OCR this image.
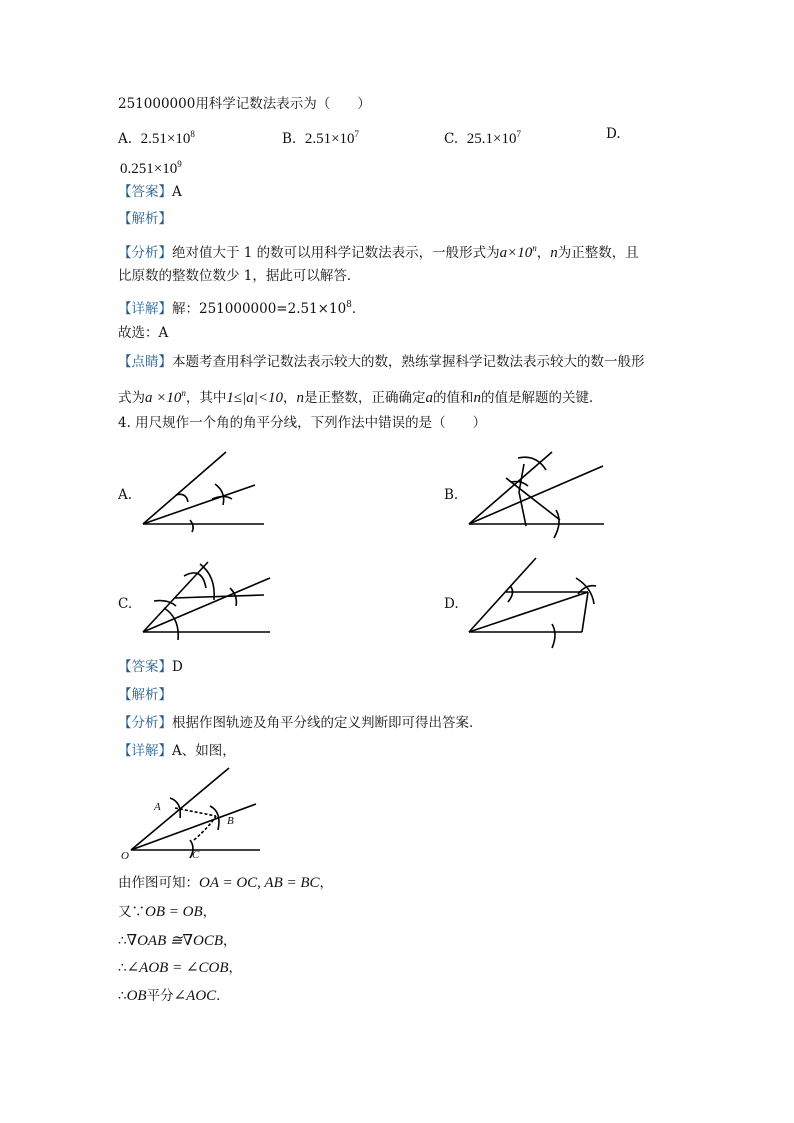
251000000用科学记数法表示为（　　）
A. $2.51\times 10^8$	B. $2.51\times 10^7$	C. $25.1\times 10^7$	D.
$0.251\times 10^9$
【答案】A
【解析】
【分析】绝对值大于 1 的数可以用科学记数法表示，一般形式为$a\times 10^n$，n为正整数，且
比原数的整数位数少 1，据此可以解答．
【详解】解：$251000000=2.51\times 10^8$．
故选：A
【点睛】本题考查用科学记数法表示较大的数，熟练掌握科学记数法表示较大的数一般形
式为$a \times 10^n$，其中1≤|a|<10，n是正整数，正确确定a的值和n的值是解题的关键．
4. 用尺规作一个角的角平分线，下列作法中错误的是（　　）
A.	B.
C.	D.
【答案】D
【解析】
【分析】根据作图轨迹及角平分线的定义判断即可得出答案．
【详解】A、如图，
A
B
C
O
由作图可知：OA = OC, AB = BC，
又∵OB = OB，
∴∇OAB ≅∇OCB，
∴∠AOB = ∠COB，
∴OB平分∠AOC．
